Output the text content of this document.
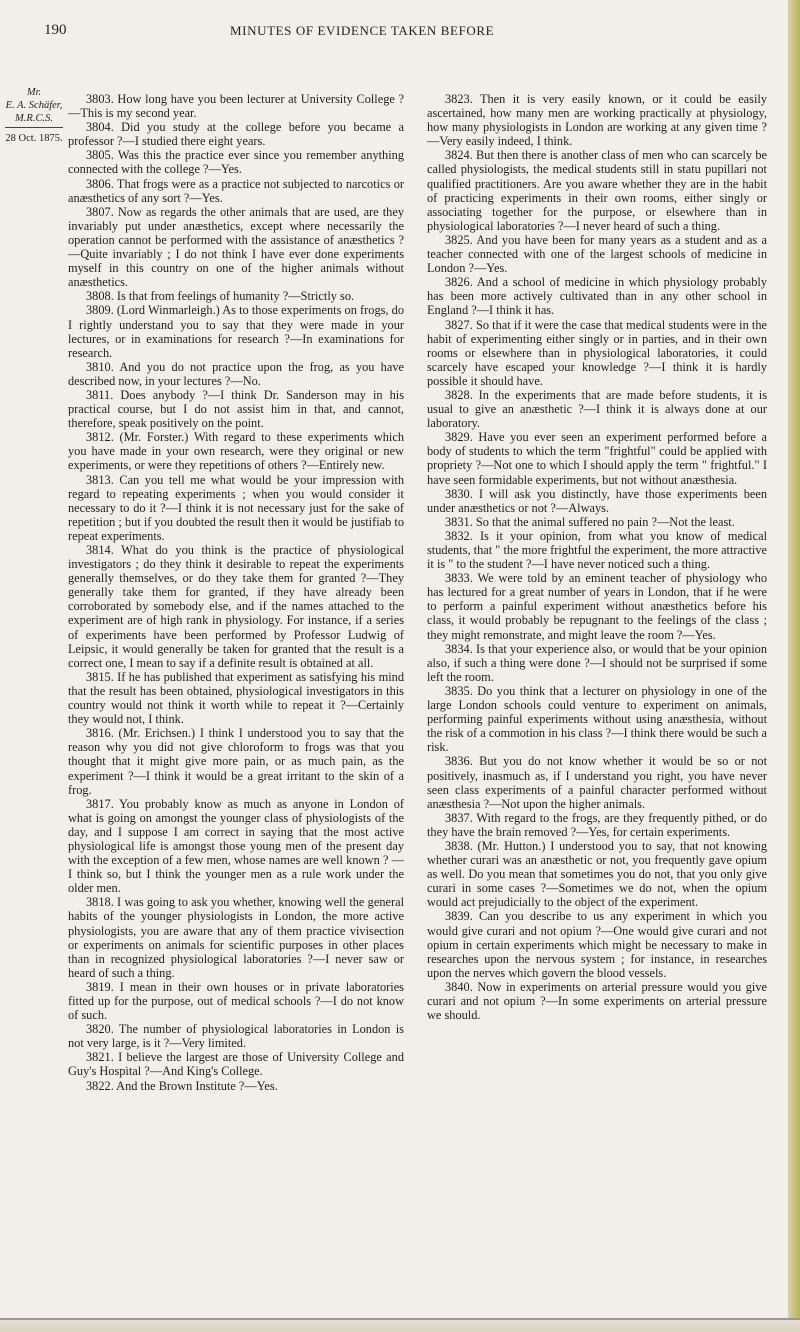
190	MINUTES OF EVIDENCE TAKEN BEFORE
Mr.
E. A. Schäfer, M.R.C.S.
28 Oct. 1875.

3803. How long have you been lecturer at University College ?—This is my second year.

3804. Did you study at the college before you became a professor ?—I studied there eight years.

3805. Was this the practice ever since you remember anything connected with the college ?—Yes.

3806. That frogs were as a practice not subjected to narcotics or anæsthetics of any sort ?—Yes.

3807. Now as regards the other animals that are used, are they invariably put under anæsthetics, except where necessarily the operation cannot be performed with the assistance of anæsthetics ?—Quite invariably ; I do not think I have ever done experiments myself in this country on one of the higher animals without anæsthetics.

3808. Is that from feelings of humanity ?—Strictly so.

3809. (Lord Winmarleigh.) As to those experiments on frogs, do I rightly understand you to say that they were made in your lectures, or in examinations for research ?—In examinations for research.

3810. And you do not practice upon the frog, as you have described now, in your lectures ?—No.

3811. Does anybody ?—I think Dr. Sanderson may in his practical course, but I do not assist him in that, and cannot, therefore, speak positively on the point.

3812. (Mr. Forster.) With regard to these experiments which you have made in your own research, were they original or new experiments, or were they repetitions of others ?—Entirely new.

3813. Can you tell me what would be your impression with regard to repeating experiments ; when you would consider it necessary to do it ?—I think it is not necessary just for the sake of repetition ; but if you doubted the result then it would be justifiab to repeat experiments.

3814. What do you think is the practice of physiological investigators ; do they think it desirable to repeat the experiments generally themselves, or do they take them for granted ?—They generally take them for granted, if they have already been corroborated by somebody else, and if the names attached to the experiment are of high rank in physiology. For instance, if a series of experiments have been performed by Professor Ludwig of Leipsic, it would generally be taken for granted that the result is a correct one, I mean to say if a definite result is obtained at all.

3815. If he has published that experiment as satisfying his mind that the result has been obtained, physiological investigators in this country would not think it worth while to repeat it ?—Certainly they would not, I think.

3816. (Mr. Erichsen.) I think I understood you to say that the reason why you did not give chloroform to frogs was that you thought that it might give more pain, or as much pain, as the experiment ?—I think it would be a great irritant to the skin of a frog.

3817. You probably know as much as anyone in London of what is going on amongst the younger class of physiologists of the day, and I suppose I am correct in saying that the most active physiological life is amongst those young men of the present day with the exception of a few men, whose names are well known ? —I think so, but I think the younger men as a rule work under the older men.

3818. I was going to ask you whether, knowing well the general habits of the younger physiologists in London, the more active physiologists, you are aware that any of them practice vivisection or experiments on animals for scientific purposes in other places than in recognized physiological laboratories ?—I never saw or heard of such a thing.

3819. I mean in their own houses or in private laboratories fitted up for the purpose, out of medical schools ?—I do not know of such.

3820. The number of physiological laboratories in London is not very large, is it ?—Very limited.

3821. I believe the largest are those of University College and Guy's Hospital ?—And King's College.

3822. And the Brown Institute ?—Yes.

3823. Then it is very easily known, or it could be easily ascertained, how many men are working practically at physiology, how many physiologists in London are working at any given time ?—Very easily indeed, I think.

3824. But then there is another class of men who can scarcely be called physiologists, the medical students still in statu pupillari not qualified practitioners. Are you aware whether they are in the habit of practicing experiments in their own rooms, either singly or associating together for the purpose, or elsewhere than in physiological laboratories ?—I never heard of such a thing.

3825. And you have been for many years as a student and as a teacher connected with one of the largest schools of medicine in London ?—Yes.

3826. And a school of medicine in which physiology probably has been more actively cultivated than in any other school in England ?—I think it has.

3827. So that if it were the case that medical students were in the habit of experimenting either singly or in parties, and in their own rooms or elsewhere than in physiological laboratories, it could scarcely have escaped your knowledge ?—I think it is hardly possible it should have.

3828. In the experiments that are made before students, it is usual to give an anæsthetic ?—I think it is always done at our laboratory.

3829. Have you ever seen an experiment performed before a body of students to which the term "frightful" could be applied with propriety ?—Not one to which I should apply the term " frightful." I have seen formidable experiments, but not without anæsthesia.

3830. I will ask you distinctly, have those experiments been under anæsthetics or not ?—Always.

3831. So that the animal suffered no pain ?—Not the least.

3832. Is it your opinion, from what you know of medical students, that " the more frightful the experiment, the more attractive it is " to the student ?—I have never noticed such a thing.

3833. We were told by an eminent teacher of physiology who has lectured for a great number of years in London, that if he were to perform a painful experiment without anæsthetics before his class, it would probably be repugnant to the feelings of the class ; they might remonstrate, and might leave the room ?—Yes.

3834. Is that your experience also, or would that be your opinion also, if such a thing were done ?—I should not be surprised if some left the room.

3835. Do you think that a lecturer on physiology in one of the large London schools could venture to experiment on animals, performing painful experiments without using anæsthesia, without the risk of a commotion in his class ?—I think there would be such a risk.

3836. But you do not know whether it would be so or not positively, inasmuch as, if I understand you right, you have never seen class experiments of a painful character performed without anæsthesia ?—Not upon the higher animals.

3837. With regard to the frogs, are they frequently pithed, or do they have the brain removed ?—Yes, for certain experiments.

3838. (Mr. Hutton.) I understood you to say, that not knowing whether curari was an anæsthetic or not, you frequently gave opium as well. Do you mean that sometimes you do not, that you only give curari in some cases ?—Sometimes we do not, when the opium would act prejudicially to the object of the experiment.

3839. Can you describe to us any experiment in which you would give curari and not opium ?—One would give curari and not opium in certain experiments which might be necessary to make in researches upon the nervous system ; for instance, in researches upon the nerves which govern the blood vessels.

3840. Now in experiments on arterial pressure would you give curari and not opium ?—In some experiments on arterial pressure we should.
